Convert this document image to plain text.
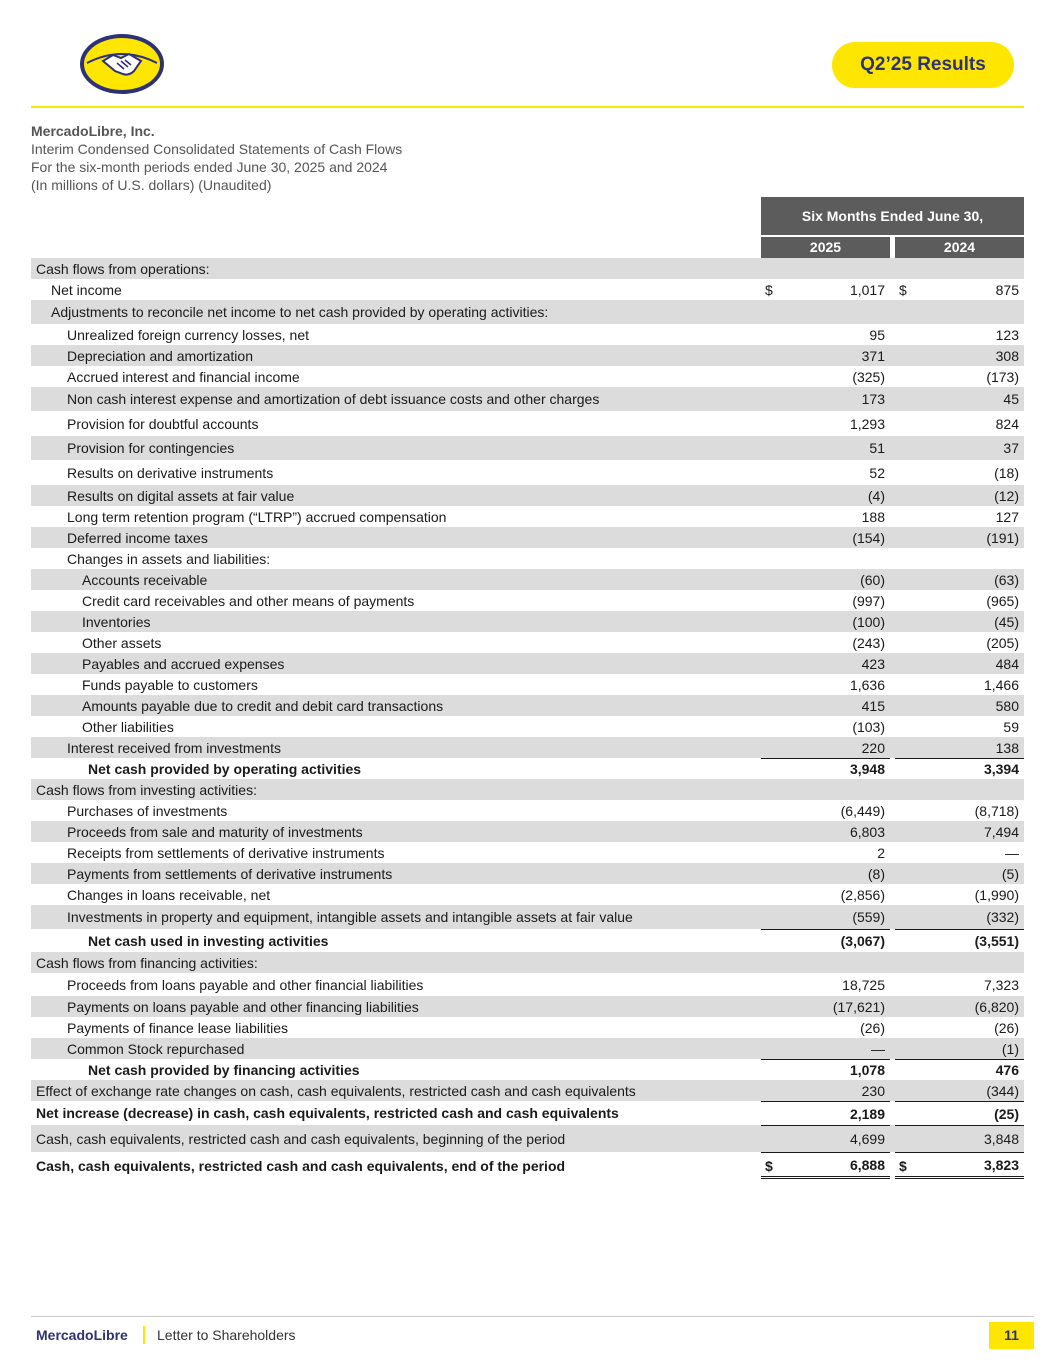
Q2’25 Results
MercadoLibre, Inc.
Interim Condensed Consolidated Statements of Cash Flows
For the six-month periods ended June 30, 2025 and 2024
(In millions of U.S. dollars) (Unaudited)
Six Months Ended June 30,
2025	2024
Cash flows from operations:
Net income	1,017	875
$	$
Adjustments to reconcile net income to net cash provided by operating activities:
Unrealized foreign currency losses, net	95	123
Depreciation and amortization	371	308
Accrued interest and financial income	(325)	(173)
Non cash interest expense and amortization of debt issuance costs and other charges	173	45
Provision for doubtful accounts	1,293	824
Provision for contingencies	51	37
Results on derivative instruments	52	(18)
Results on digital assets at fair value	(4)	(12)
Long term retention program (“LTRP”) accrued compensation	188	127
Deferred income taxes	(154)	(191)
Changes in assets and liabilities:
Accounts receivable	(60)	(63)
Credit card receivables and other means of payments	(997)	(965)
Inventories	(100)	(45)
Other assets	(243)	(205)
Payables and accrued expenses	423	484
Funds payable to customers	1,636	1,466
Amounts payable due to credit and debit card transactions	415	580
Other liabilities	(103)	59
Interest received from investments	220	138
Net cash provided by operating activities	3,948	3,394
Cash flows from investing activities:
Purchases of investments	(6,449)	(8,718)
Proceeds from sale and maturity of investments	6,803	7,494
Receipts from settlements of derivative instruments	2	—
Payments from settlements of derivative instruments	(8)	(5)
Changes in loans receivable, net	(2,856)	(1,990)
Investments in property and equipment, intangible assets and intangible assets at fair value	(559)	(332)
Net cash used in investing activities	(3,067)	(3,551)
Cash flows from financing activities:
Proceeds from loans payable and other financial liabilities	18,725	7,323
Payments on loans payable and other financing liabilities	(17,621)	(6,820)
Payments of finance lease liabilities	(26)	(26)
Common Stock repurchased	—	(1)
Net cash provided by financing activities	1,078	476
Effect of exchange rate changes on cash, cash equivalents, restricted cash and cash equivalents	230	(344)
Net increase (decrease) in cash, cash equivalents, restricted cash and cash equivalents	2,189	(25)
Cash, cash equivalents, restricted cash and cash equivalents, beginning of the period	4,699	3,848
Cash, cash equivalents, restricted cash and cash equivalents, end of the period	6,888	3,823
$	$
MercadoLibre Letter to Shareholders	11
